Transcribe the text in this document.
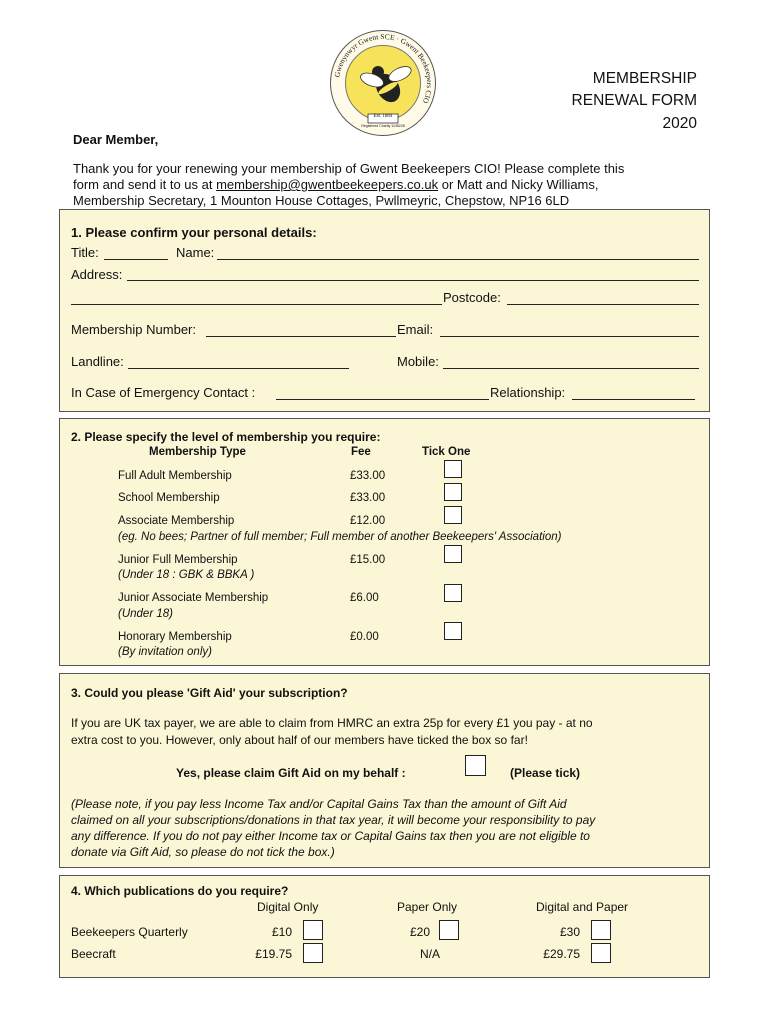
Gwenynwyr Gwent SCE · Gwent Beekeepers CIO
Est. 1884
Registered Charity 1145228
MEMBERSHIP
RENEWAL FORM
2020
Dear Member,
Thank you for your renewing your membership of Gwent Beekeepers CIO! Please complete this
form and send it to us at membership@gwentbeekeepers.co.uk or Matt and Nicky Williams,
Membership Secretary, 1 Mounton House Cottages, Pwllmeyric, Chepstow, NP16 6LD
1. Please confirm your personal details:
Title:	Name:
Address:
Postcode:
Membership Number:	Email:
Landline:	Mobile:
In Case of Emergency Contact :	Relationship:
2. Please specify the level of membership you require:
Membership Type	Fee	Tick One
Full Adult Membership	£33.00
School Membership	£33.00
Associate Membership	£12.00
(eg. No bees; Partner of full member; Full member of another Beekeepers' Association)
Junior Full Membership	£15.00
(Under 18 : GBK & BBKA )
Junior Associate Membership	£6.00
(Under 18)
Honorary Membership	£0.00
(By invitation only)
3. Could you please 'Gift Aid' your subscription?
If you are UK tax payer, we are able to claim from HMRC an extra 25p for every £1 you pay - at no
extra cost to you. However, only about half of our members have ticked the box so far!
Yes, please claim Gift Aid on my behalf :	(Please tick)
(Please note, if you pay less Income Tax and/or Capital Gains Tax than the amount of Gift Aid
claimed on all your subscriptions/donations in that tax year, it will become your responsibility to pay
any difference. If you do not pay either Income tax or Capital Gains tax then you are not eligible to
donate via Gift Aid, so please do not tick the box.)
4. Which publications do you require?
Digital Only	Paper Only	Digital and Paper
Beekeepers Quarterly	£10	£20	£30
Beecraft	£19.75	N/A	£29.75
